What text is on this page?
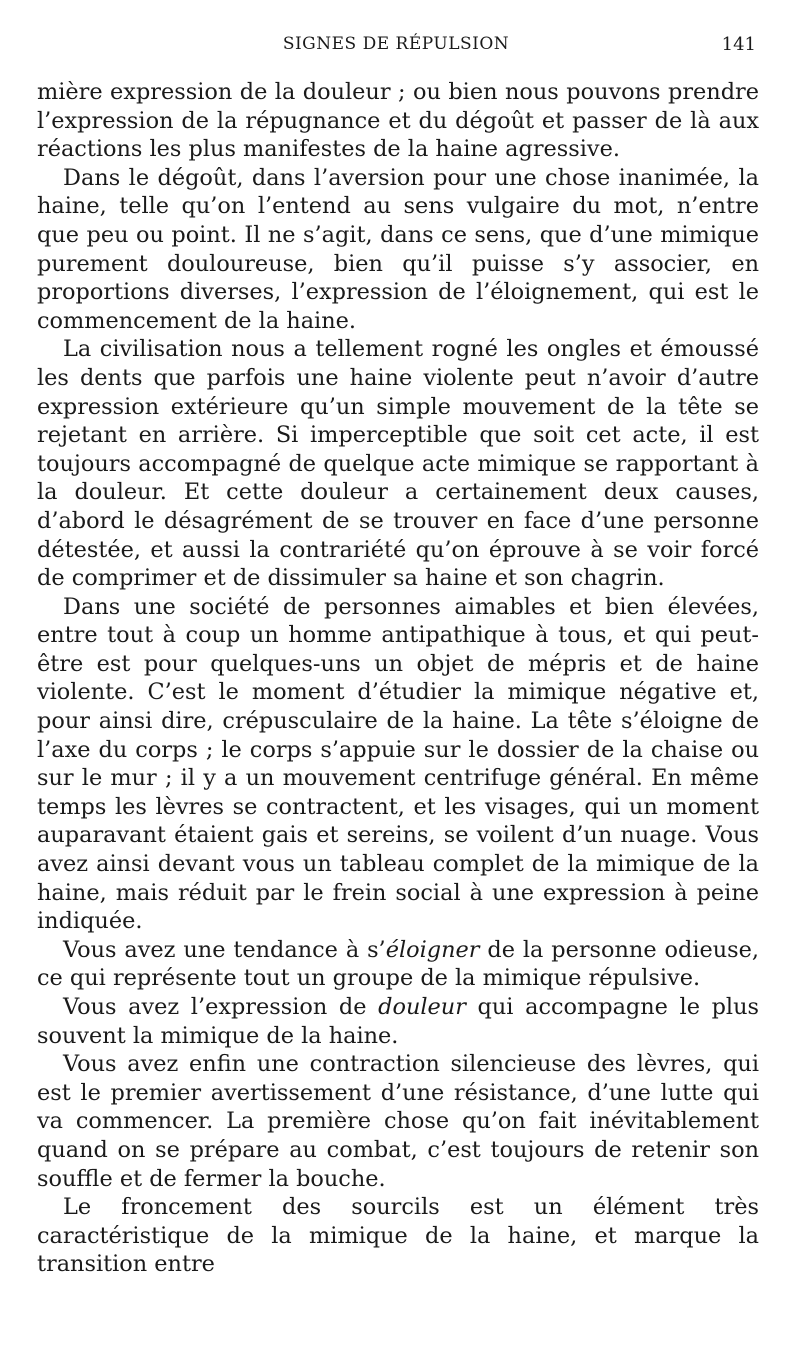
SIGNES DE RÉPULSION	141

mière expression de la douleur ; ou bien nous pouvons prendre l’expression de la répugnance et du dégoût et passer de là aux réactions les plus manifestes de la haine agressive.

Dans le dégoût, dans l’aversion pour une chose inanimée, la haine, telle qu’on l’entend au sens vulgaire du mot, n’entre que peu ou point. Il ne s’agit, dans ce sens, que d’une mimique purement douloureuse, bien qu’il puisse s’y associer, en proportions diverses, l’expression de l’éloignement, qui est le commencement de la haine.

La civilisation nous a tellement rogné les ongles et émoussé les dents que parfois une haine violente peut n’avoir d’autre expression extérieure qu’un simple mouvement de la tête se rejetant en arrière. Si imperceptible que soit cet acte, il est toujours accompagné de quelque acte mimique se rapportant à la douleur. Et cette douleur a certainement deux causes, d’abord le désagrément de se trouver en face d’une personne détestée, et aussi la contrariété qu’on éprouve à se voir forcé de comprimer et de dissimuler sa haine et son chagrin.

Dans une société de personnes aimables et bien élevées, entre tout à coup un homme antipathique à tous, et qui peut-être est pour quelques-uns un objet de mépris et de haine violente. C’est le moment d’étudier la mimique négative et, pour ainsi dire, crépusculaire de la haine. La tête s’éloigne de l’axe du corps ; le corps s’appuie sur le dossier de la chaise ou sur le mur ; il y a un mouvement centrifuge général. En même temps les lèvres se contractent, et les visages, qui un moment auparavant étaient gais et sereins, se voilent d’un nuage. Vous avez ainsi devant vous un tableau complet de la mimique de la haine, mais réduit par le frein social à une expression à peine indiquée.

Vous avez une tendance à s’éloigner de la personne odieuse, ce qui représente tout un groupe de la mimique répulsive.

Vous avez l’expression de douleur qui accompagne le plus souvent la mimique de la haine.

Vous avez enfin une contraction silencieuse des lèvres, qui est le premier avertissement d’une résistance, d’une lutte qui va commencer. La première chose qu’on fait inévitablement quand on se prépare au combat, c’est toujours de retenir son souffle et de fermer la bouche.

Le froncement des sourcils est un élément très caractéristique de la mimique de la haine, et marque la transition entre
